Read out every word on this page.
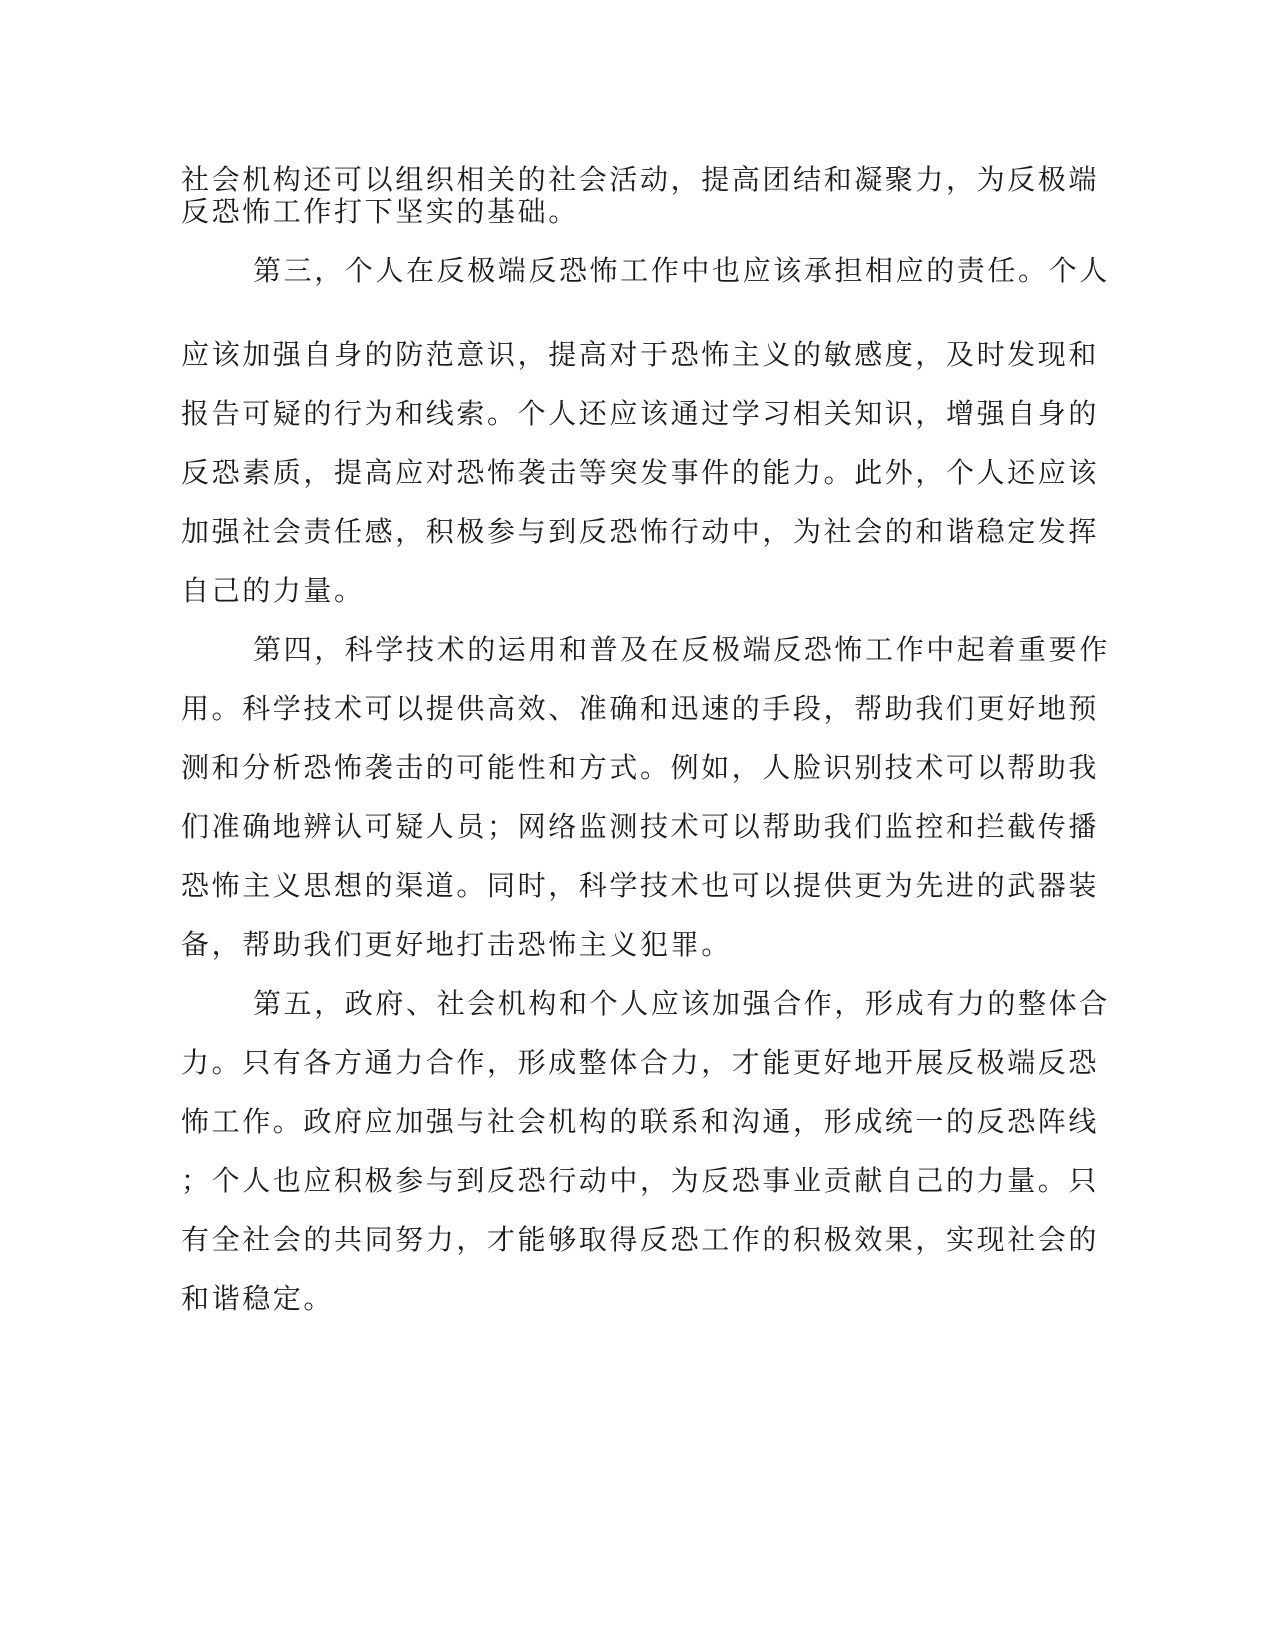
社会机构还可以组织相关的社会活动，提高团结和凝聚力，为反极端
反恐怖工作打下坚实的基础。
第三，个人在反极端反恐怖工作中也应该承担相应的责任。个人
应该加强自身的防范意识，提高对于恐怖主义的敏感度，及时发现和
报告可疑的行为和线索。个人还应该通过学习相关知识，增强自身的
反恐素质，提高应对恐怖袭击等突发事件的能力。此外，个人还应该
加强社会责任感，积极参与到反恐怖行动中，为社会的和谐稳定发挥
自己的力量。
第四，科学技术的运用和普及在反极端反恐怖工作中起着重要作
用。科学技术可以提供高效、准确和迅速的手段，帮助我们更好地预
测和分析恐怖袭击的可能性和方式。例如，人脸识别技术可以帮助我
们准确地辨认可疑人员；网络监测技术可以帮助我们监控和拦截传播
恐怖主义思想的渠道。同时，科学技术也可以提供更为先进的武器装
备，帮助我们更好地打击恐怖主义犯罪。
第五，政府、社会机构和个人应该加强合作，形成有力的整体合
力。只有各方通力合作，形成整体合力，才能更好地开展反极端反恐
怖工作。政府应加强与社会机构的联系和沟通，形成统一的反恐阵线
；个人也应积极参与到反恐行动中，为反恐事业贡献自己的力量。只
有全社会的共同努力，才能够取得反恐工作的积极效果，实现社会的
和谐稳定。
